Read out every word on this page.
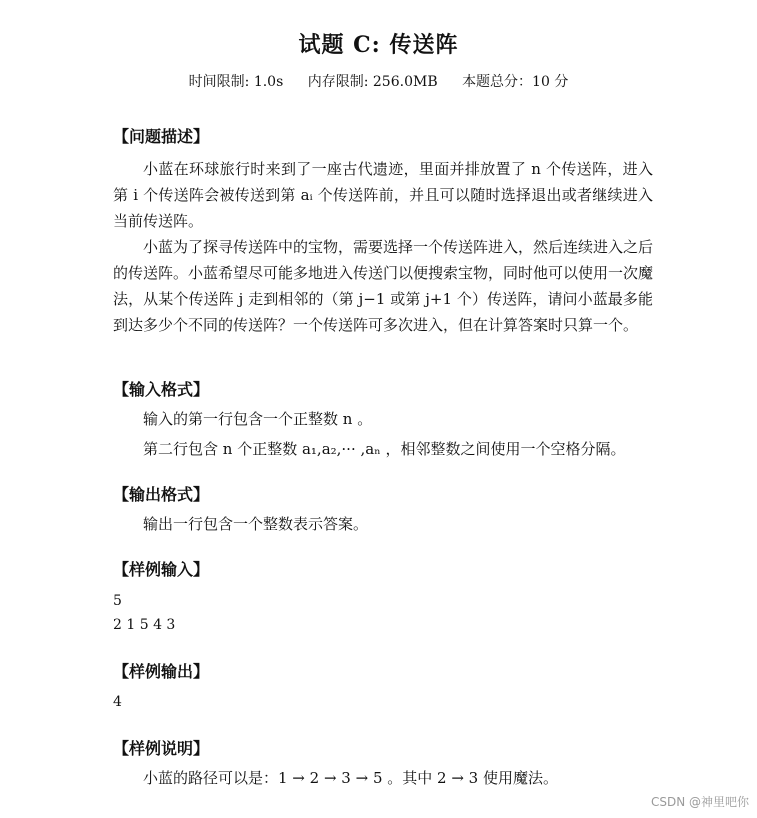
试题 C: 传送阵
时间限制: 1.0s 内存限制: 256.0MB 本题总分：10 分
【问题描述】
小蓝在环球旅行时来到了一座古代遗迹，里面并排放置了 n 个传送阵，进入第 i 个传送阵会被传送到第 aᵢ 个传送阵前，并且可以随时选择退出或者继续进入当前传送阵。
小蓝为了探寻传送阵中的宝物，需要选择一个传送阵进入，然后连续进入之后的传送阵。小蓝希望尽可能多地进入传送门以便搜索宝物，同时他可以使用一次魔法，从某个传送阵 j 走到相邻的（第 j−1 或第 j+1 个）传送阵，请问小蓝最多能到达多少个不同的传送阵？一个传送阵可多次进入，但在计算答案时只算一个。
【输入格式】
输入的第一行包含一个正整数 n 。
第二行包含 n 个正整数 a₁,a₂,··· ,aₙ ，相邻整数之间使用一个空格分隔。
【输出格式】
输出一行包含一个整数表示答案。
【样例输入】
5
2 1 5 4 3
【样例输出】
4
【样例说明】
小蓝的路径可以是：1 → 2 → 3 → 5 。其中 2 → 3 使用魔法。
CSDN @神里吧你
